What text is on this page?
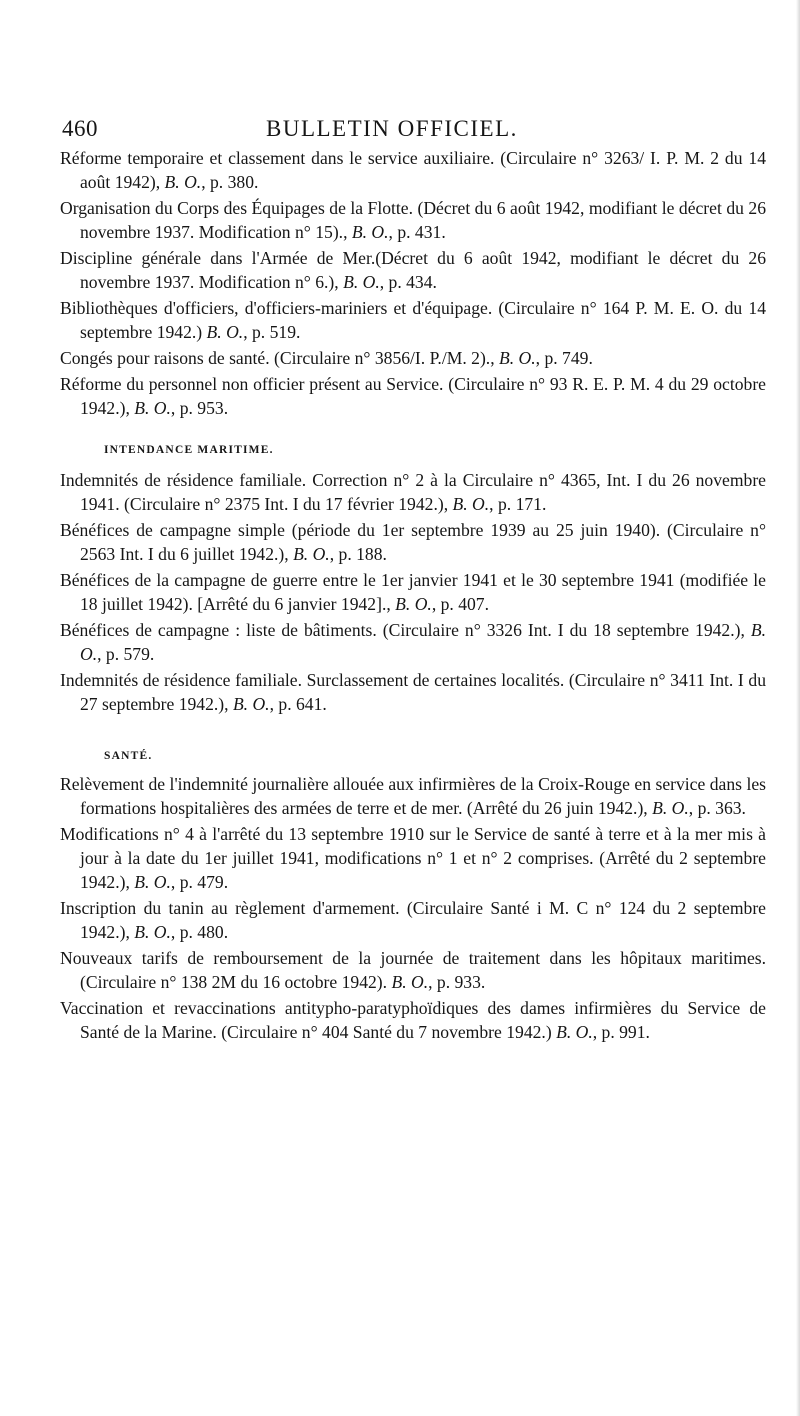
460	BULLETIN OFFICIEL.

Réforme temporaire et classement dans le service auxiliaire. (Circulaire n° 3263/ I. P. M. 2 du 14 août 1942), B. O., p. 380.

Organisation du Corps des Équipages de la Flotte. (Décret du 6 août 1942, modifiant le décret du 26 novembre 1937. Modification n° 15)., B. O., p. 431.

Discipline générale dans l'Armée de Mer.(Décret du 6 août 1942, modifiant le décret du 26 novembre 1937. Modification n° 6.), B. O., p. 434.

Bibliothèques d'officiers, d'officiers-mariniers et d'équipage. (Circulaire n° 164 P. M. E. O. du 14 septembre 1942.) B. O., p. 519.

Congés pour raisons de santé. (Circulaire n° 3856/I. P./M. 2)., B. O., p. 749.

Réforme du personnel non officier présent au Service. (Circulaire n° 93 R. E. P. M. 4 du 29 octobre 1942.), B. O., p. 953.

INTENDANCE MARITIME.

Indemnités de résidence familiale. Correction n° 2 à la Circulaire n° 4365, Int. I du 26 novembre 1941. (Circulaire n° 2375 Int. I du 17 février 1942.), B. O., p. 171.

Bénéfices de campagne simple (période du 1er septembre 1939 au 25 juin 1940). (Circulaire n° 2563 Int. I du 6 juillet 1942.), B. O., p. 188.

Bénéfices de la campagne de guerre entre le 1er janvier 1941 et le 30 septembre 1941 (modifiée le 18 juillet 1942). [Arrêté du 6 janvier 1942]., B. O., p. 407.

Bénéfices de campagne : liste de bâtiments. (Circulaire n° 3326 Int. I du 18 septembre 1942.), B. O., p. 579.

Indemnités de résidence familiale. Surclassement de certaines localités. (Circulaire n° 3411 Int. I du 27 septembre 1942.), B. O., p. 641.

SANTÉ.

Relèvement de l'indemnité journalière allouée aux infirmières de la Croix-Rouge en service dans les formations hospitalières des armées de terre et de mer. (Arrêté du 26 juin 1942.), B. O., p. 363.

Modifications n° 4 à l'arrêté du 13 septembre 1910 sur le Service de santé à terre et à la mer mis à jour à la date du 1er juillet 1941, modifications n° 1 et n° 2 comprises. (Arrêté du 2 septembre 1942.), B. O., p. 479.

Inscription du tanin au règlement d'armement. (Circulaire Santé i M. C n° 124 du 2 septembre 1942.), B. O., p. 480.

Nouveaux tarifs de remboursement de la journée de traitement dans les hôpitaux maritimes. (Circulaire n° 138 2M du 16 octobre 1942). B. O., p. 933.

Vaccination et revaccinations antitypho-paratyphoïdiques des dames infirmières du Service de Santé de la Marine. (Circulaire n° 404 Santé du 7 novembre 1942.) B. O., p. 991.
